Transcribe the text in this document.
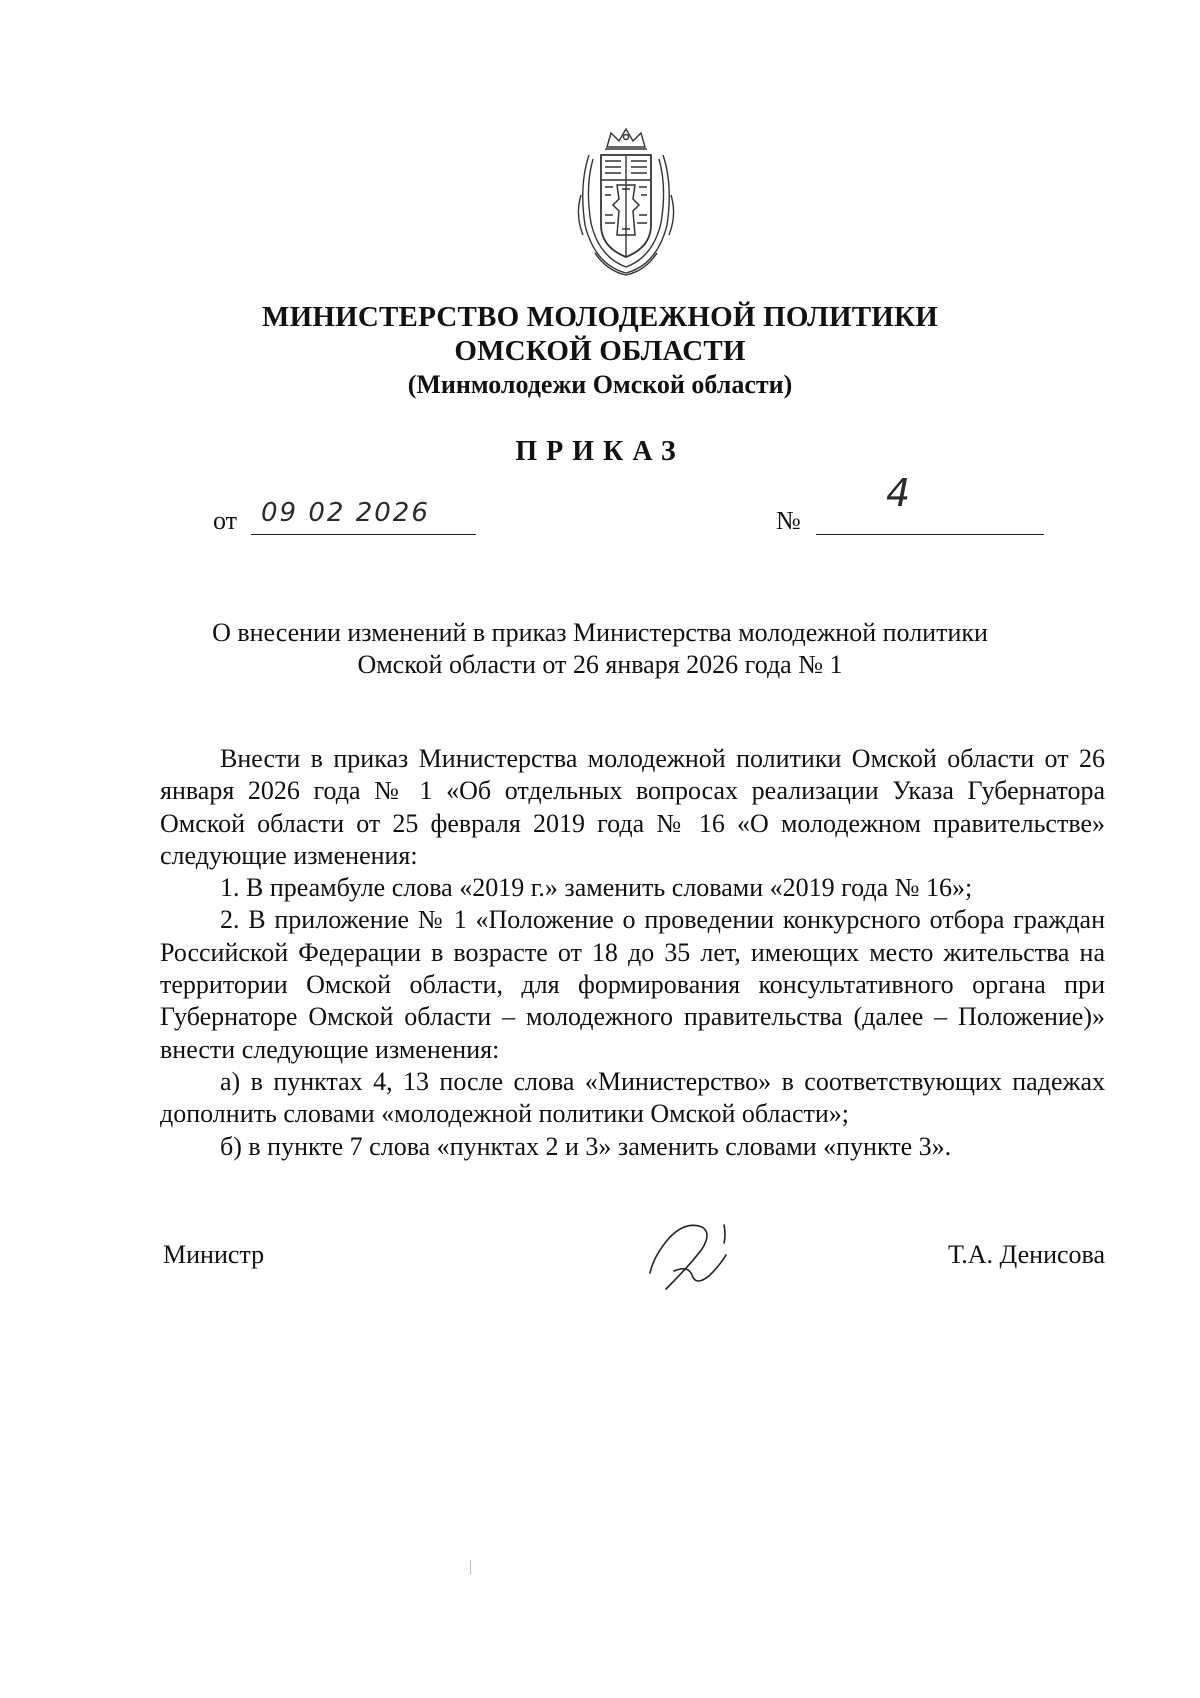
МИНИСТЕРСТВО МОЛОДЕЖНОЙ ПОЛИТИКИ
ОМСКОЙ ОБЛАСТИ
(Минмолодежи Омской области)
ПРИКАЗ
от 09 02 2026	№
4
О внесении изменений в приказ Министерства молодежной политики
Омской области от 26 января 2026 года № 1

Внести в приказ Министерства молодежной политики Омской области от 26 января 2026 года № 1 «Об отдельных вопросах реализации Указа Губернатора Омской области от 25 февраля 2019 года № 16 «О молодежном правительстве» следующие изменения:

1. В преамбуле слова «2019 г.» заменить словами «2019 года № 16»;

2. В приложение № 1 «Положение о проведении конкурсного отбора граждан Российской Федерации в возрасте от 18 до 35 лет, имеющих место жительства на территории Омской области, для формирования консультативного органа при Губернаторе Омской области – молодежного правительства (далее – Положение)» внести следующие изменения:

а) в пунктах 4, 13 после слова «Министерство» в соответствующих падежах дополнить словами «молодежной политики Омской области»;

б) в пункте 7 слова «пунктах 2 и 3» заменить словами «пункте 3».

Министр	Т.А. Денисова
